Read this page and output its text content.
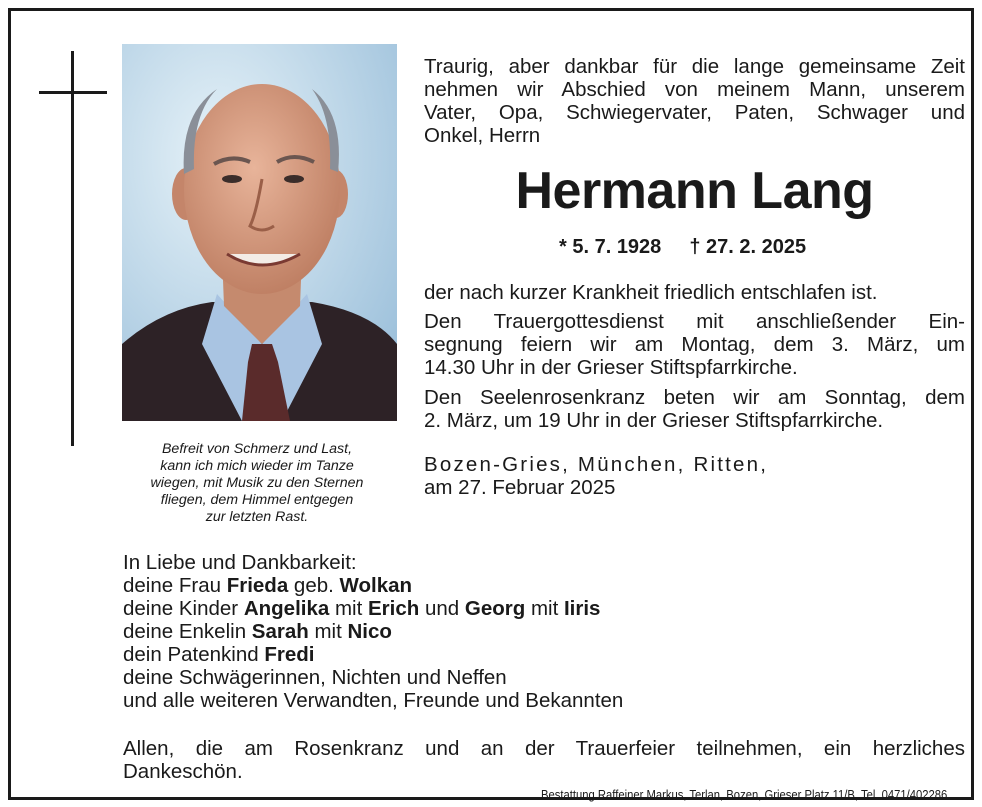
Befreit von Schmerz und Last,
kann ich mich wieder im Tanze
wiegen, mit Musik zu den Sternen
fliegen, dem Himmel entgegen
zur letzten Rast.
Traurig, aber dankbar für die lange gemeinsame Zeit
nehmen wir Abschied von meinem Mann, unserem
Vater, Opa, Schwiegervater, Paten, Schwager und
Onkel, Herrn
Hermann Lang
* 5. 7. 1928 † 27. 2. 2025
der nach kurzer Krankheit friedlich entschlafen ist.
Den Trauergottesdienst mit anschließender Ein-
segnung feiern wir am Montag, dem 3. März, um
14.30 Uhr in der Grieser Stiftspfarrkirche.
Den Seelenrosenkranz beten wir am Sonntag, dem
2. März, um 19 Uhr in der Grieser Stiftspfarrkirche.
Bozen-Gries, München, Ritten,
am 27. Februar 2025
In Liebe und Dankbarkeit:
deine Frau Frieda geb. Wolkan
deine Kinder Angelika mit Erich und Georg mit Iiris
deine Enkelin Sarah mit Nico
dein Patenkind Fredi
deine Schwägerinnen, Nichten und Neffen
und alle weiteren Verwandten, Freunde und Bekannten
Allen, die am Rosenkranz und an der Trauerfeier teilnehmen, ein herzliches
Dankeschön.
Bestattung Raffeiner Markus, Terlan, Bozen, Grieser Platz 11/B, Tel. 0471/402286
